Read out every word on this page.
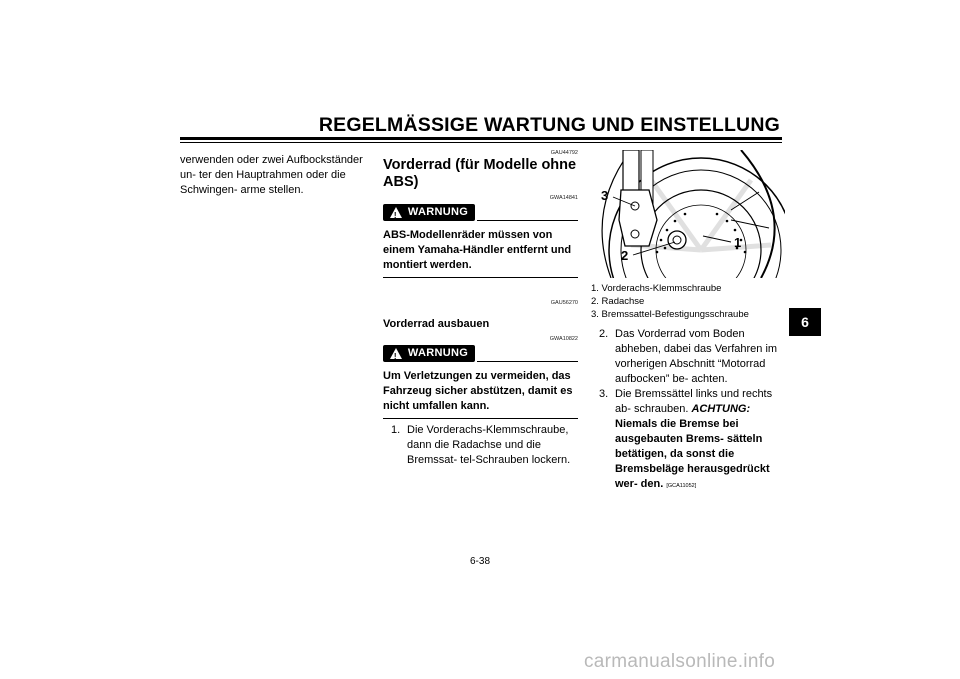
REGELMÄSSIGE WARTUNG UND EINSTELLUNG
verwenden oder zwei Aufbockständer un- ter den Hauptrahmen oder die Schwingen- arme stellen.
GAU44792
Vorderrad (für Modelle ohne ABS)
GWA14841
!
WARNUNG
ABS-Modellenräder müssen von einem Yamaha-Händler entfernt und montiert werden.
GAU56270
Vorderrad ausbauen
GWA10822
!
WARNUNG
Um Verletzungen zu vermeiden, das Fahrzeug sicher abstützen, damit es nicht umfallen kann.
1. Die Vorderachs-Klemmschraube, dann die Radachse und die Bremssat- tel-Schrauben lockern.
3
2
1
1. Vorderachs-Klemmschraube
2. Radachse
3. Bremssattel-Befestigungsschraube
2. Das Vorderrad vom Boden abheben, dabei das Verfahren im vorherigen Abschnitt “Motorrad aufbocken” be- achten.
3. Die Bremssättel links und rechts ab- schrauben. ACHTUNG: Niemals die Bremse bei ausgebauten Brems- sätteln betätigen, da sonst die Bremsbeläge herausgedrückt wer- den. [GCA11052]
6
6-38
carmanualsonline.info
